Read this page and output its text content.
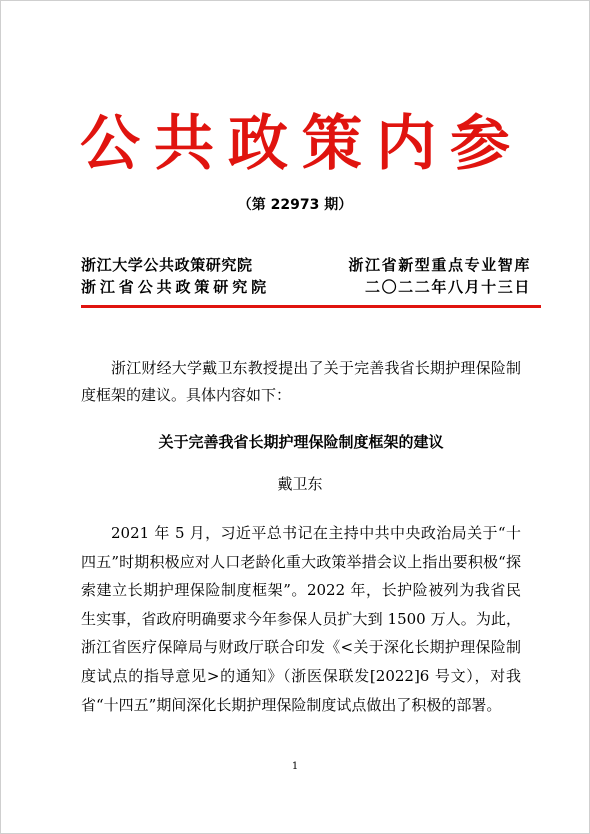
公共政策内参
（第 22973 期）
浙江大学公共政策研究院	浙江省新型重点专业智库
浙江省公共政策研究院	二〇二二年八月十三日
浙江财经大学戴卫东教授提出了关于完善我省长期护理保险制度框架的建议。具体内容如下：
关于完善我省长期护理保险制度框架的建议
戴卫东
2021 年 5 月，习近平总书记在主持中共中央政治局关于“十四五”时期积极应对人口老龄化重大政策举措会议上指出要积极“探索建立长期护理保险制度框架”。2022 年，长护险被列为我省民生实事，省政府明确要求今年参保人员扩大到 1500 万人。为此，浙江省医疗保障局与财政厅联合印发《<关于深化长期护理保险制度试点的指导意见>的通知》（浙医保联发[2022]6 号文），对我省“十四五”期间深化长期护理保险制度试点做出了积极的部署。
1
